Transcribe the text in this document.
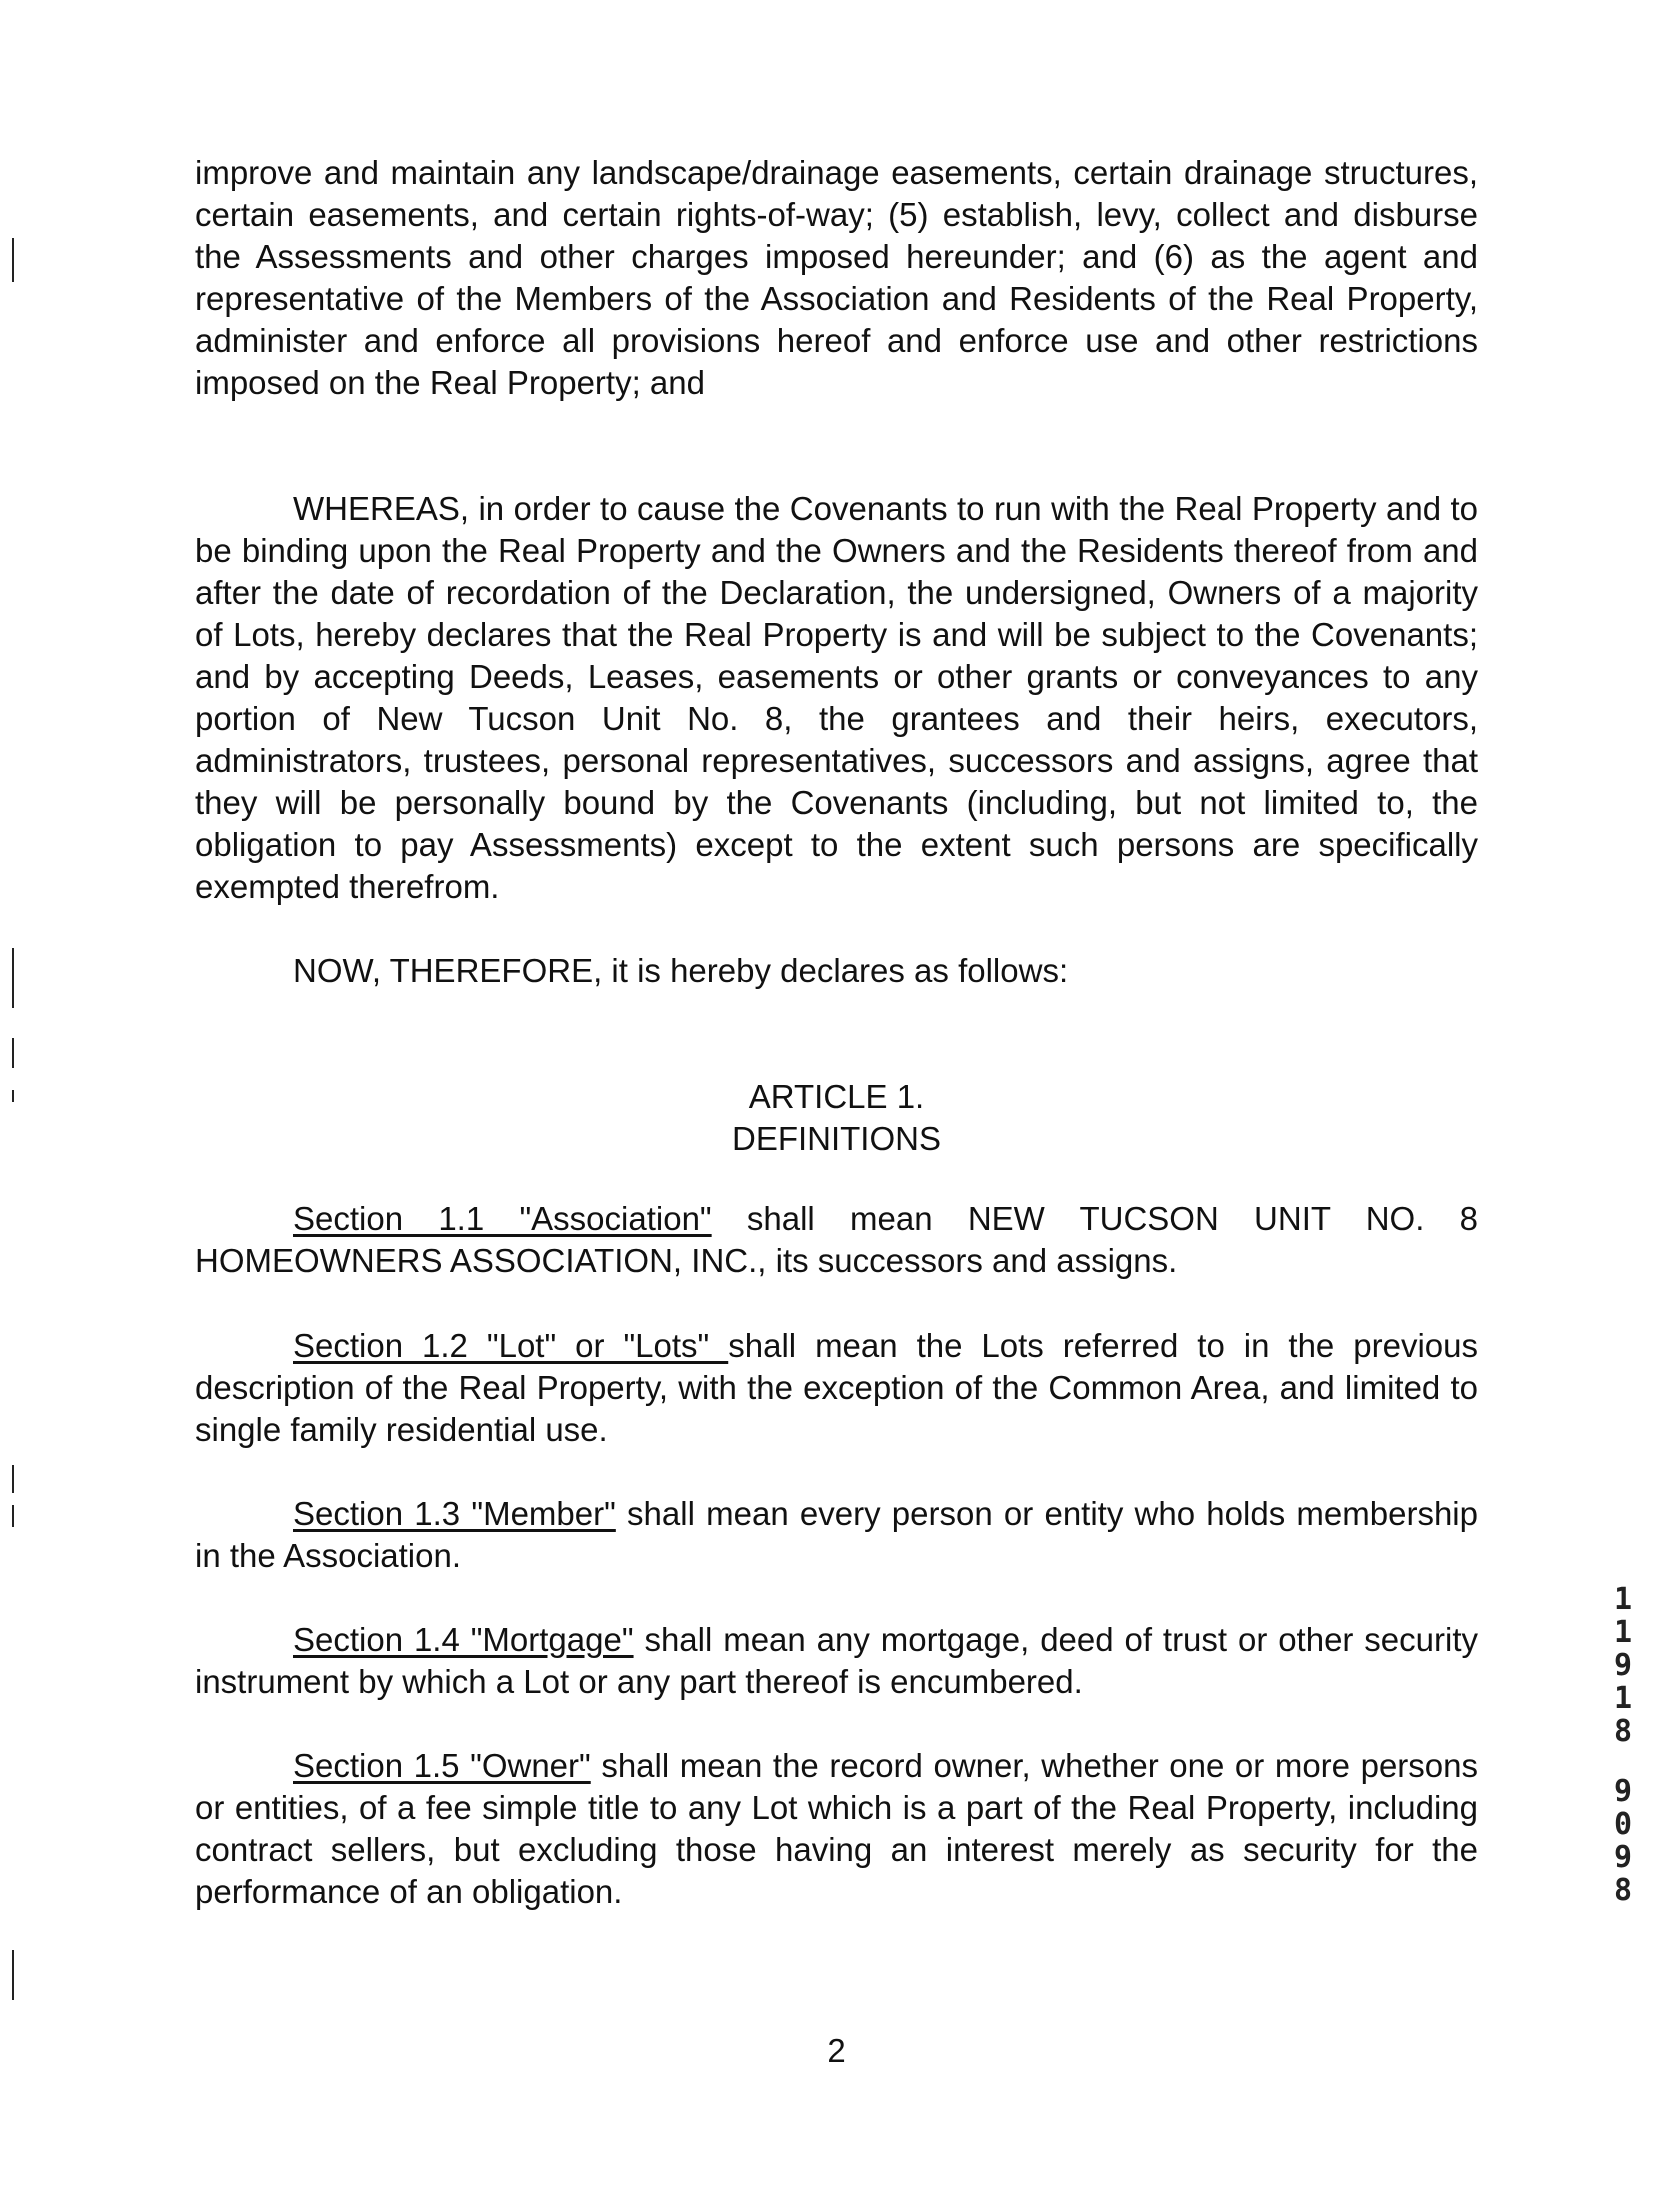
improve and maintain any landscape/drainage easements, certain drainage structures, certain easements, and certain rights-of-way; (5) establish, levy, collect and disburse the Assessments and other charges imposed hereunder; and (6) as the agent and representative of the Members of the Association and Residents of the Real Property, administer and enforce all provisions hereof and enforce use and other restrictions imposed on the Real Property; and

WHEREAS, in order to cause the Covenants to run with the Real Property and to be binding upon the Real Property and the Owners and the Residents thereof from and after the date of recordation of the Declaration, the undersigned, Owners of a majority of Lots, hereby declares that the Real Property is and will be subject to the Covenants; and by accepting Deeds, Leases, easements or other grants or conveyances to any portion of New Tucson Unit No. 8, the grantees and their heirs, executors, administrators, trustees, personal representatives, successors and assigns, agree that they will be personally bound by the Covenants (including, but not limited to, the obligation to pay Assessments) except to the extent such persons are specifically exempted therefrom.

NOW, THEREFORE, it is hereby declares as follows:

ARTICLE 1.
DEFINITIONS

Section 1.1 "Association" shall mean NEW TUCSON UNIT NO. 8 HOMEOWNERS ASSOCIATION, INC., its successors and assigns.

Section 1.2 "Lot" or "Lots" shall mean the Lots referred to in the previous description of the Real Property, with the exception of the Common Area, and limited to single family residential use.

Section 1.3 "Member" shall mean every person or entity who holds membership in the Association.

Section 1.4 "Mortgage" shall mean any mortgage, deed of trust or other security instrument by which a Lot or any part thereof is encumbered.

Section 1.5 "Owner" shall mean the record owner, whether one or more persons or entities, of a fee simple title to any Lot which is a part of the Real Property, including contract sellers, but excluding those having an interest merely as security for the performance of an obligation.

1
1
9
1
8
9
0
9
8
2
